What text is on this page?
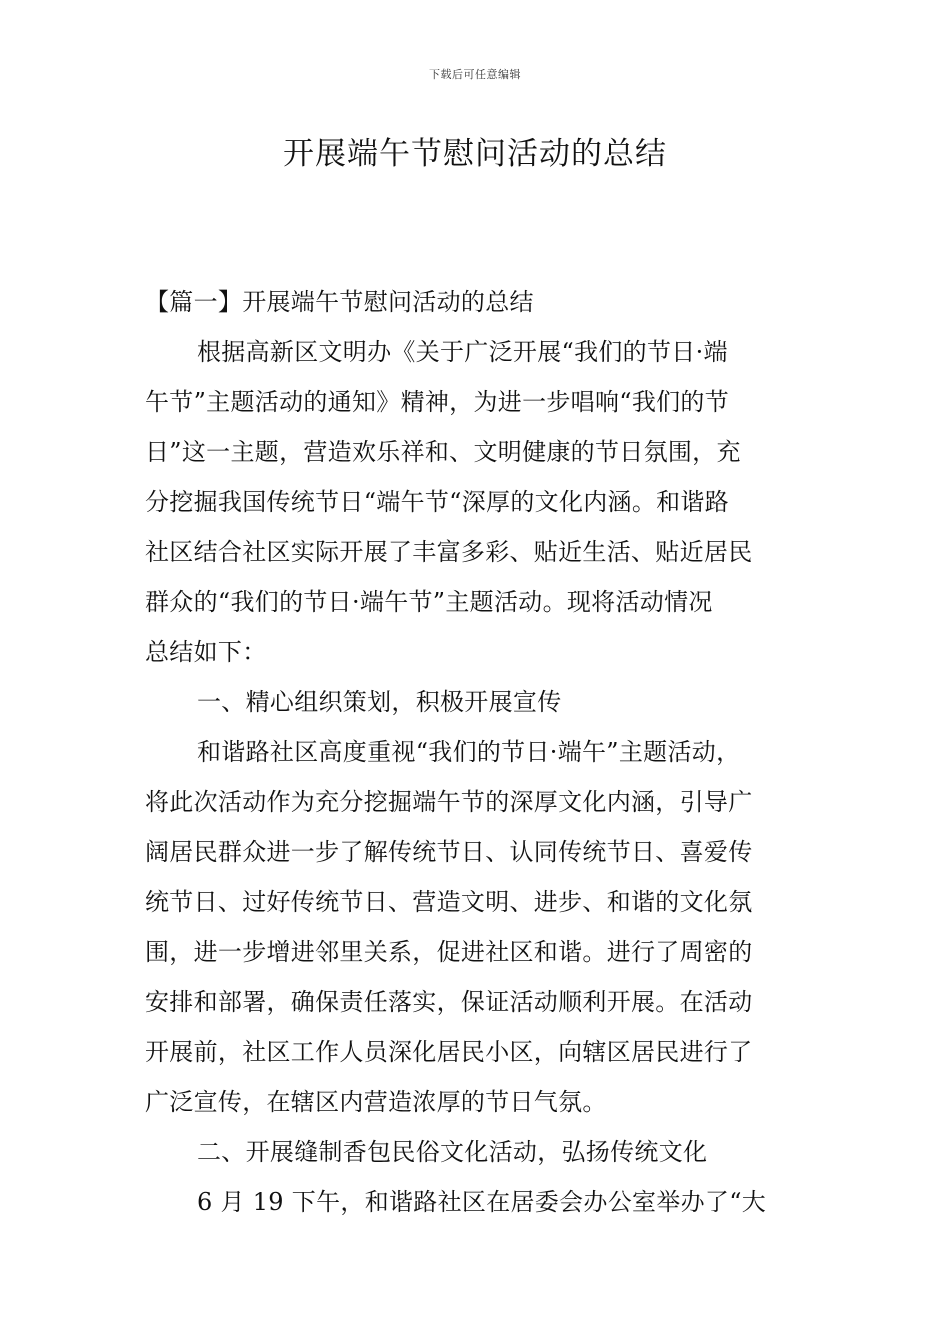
下载后可任意编辑
开展端午节慰问活动的总结
【篇一】开展端午节慰问活动的总结
根据高新区文明办《关于广泛开展“我们的节日·端
午节”主题活动的通知》精神，为进一步唱响“我们的节
日”这一主题，营造欢乐祥和、文明健康的节日氛围，充
分挖掘我国传统节日“端午节“深厚的文化内涵。和谐路
社区结合社区实际开展了丰富多彩、贴近生活、贴近居民
群众的“我们的节日·端午节”主题活动。现将活动情况
总结如下：
一、精心组织策划，积极开展宣传
和谐路社区高度重视“我们的节日·端午”主题活动，
将此次活动作为充分挖掘端午节的深厚文化内涵，引导广
阔居民群众进一步了解传统节日、认同传统节日、喜爱传
统节日、过好传统节日、营造文明、进步、和谐的文化氛
围，进一步增进邻里关系，促进社区和谐。进行了周密的
安排和部署，确保责任落实，保证活动顺利开展。在活动
开展前，社区工作人员深化居民小区，向辖区居民进行了
广泛宣传，在辖区内营造浓厚的节日气氛。
二、开展缝制香包民俗文化活动，弘扬传统文化
6 月 19 下午，和谐路社区在居委会办公室举办了“大
